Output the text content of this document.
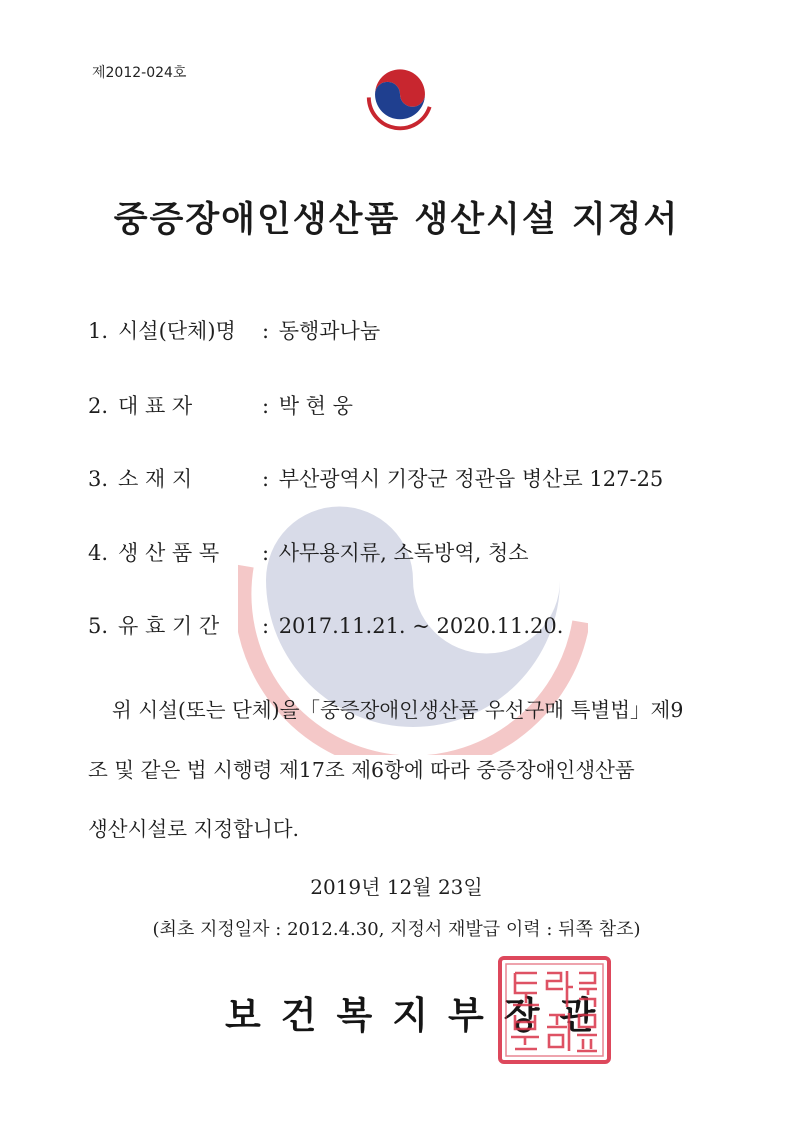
제2012-024호
중증장애인생산품 생산시설 지정서
1. 시설(단체)명 : 동행과나눔
2. 대 표 자	: 박 현 웅
3. 소 재 지	: 부산광역시 기장군 정관읍 병산로 127-25
4. 생 산 품 목 : 사무용지류, 소독방역, 청소
5. 유 효 기 간 : 2017.11.21. ~ 2020.11.20.
위 시설(또는 단체)을「중증장애인생산품 우선구매 특별법」제9
조 및 같은 법 시행령 제17조 제6항에 따라 중증장애인생산품
생산시설로 지정합니다.
2019년 12월 23일
(최초 지정일자 : 2012.4.30, 지정서 재발급 이력 : 뒤쪽 참조)
보건복지부장관
